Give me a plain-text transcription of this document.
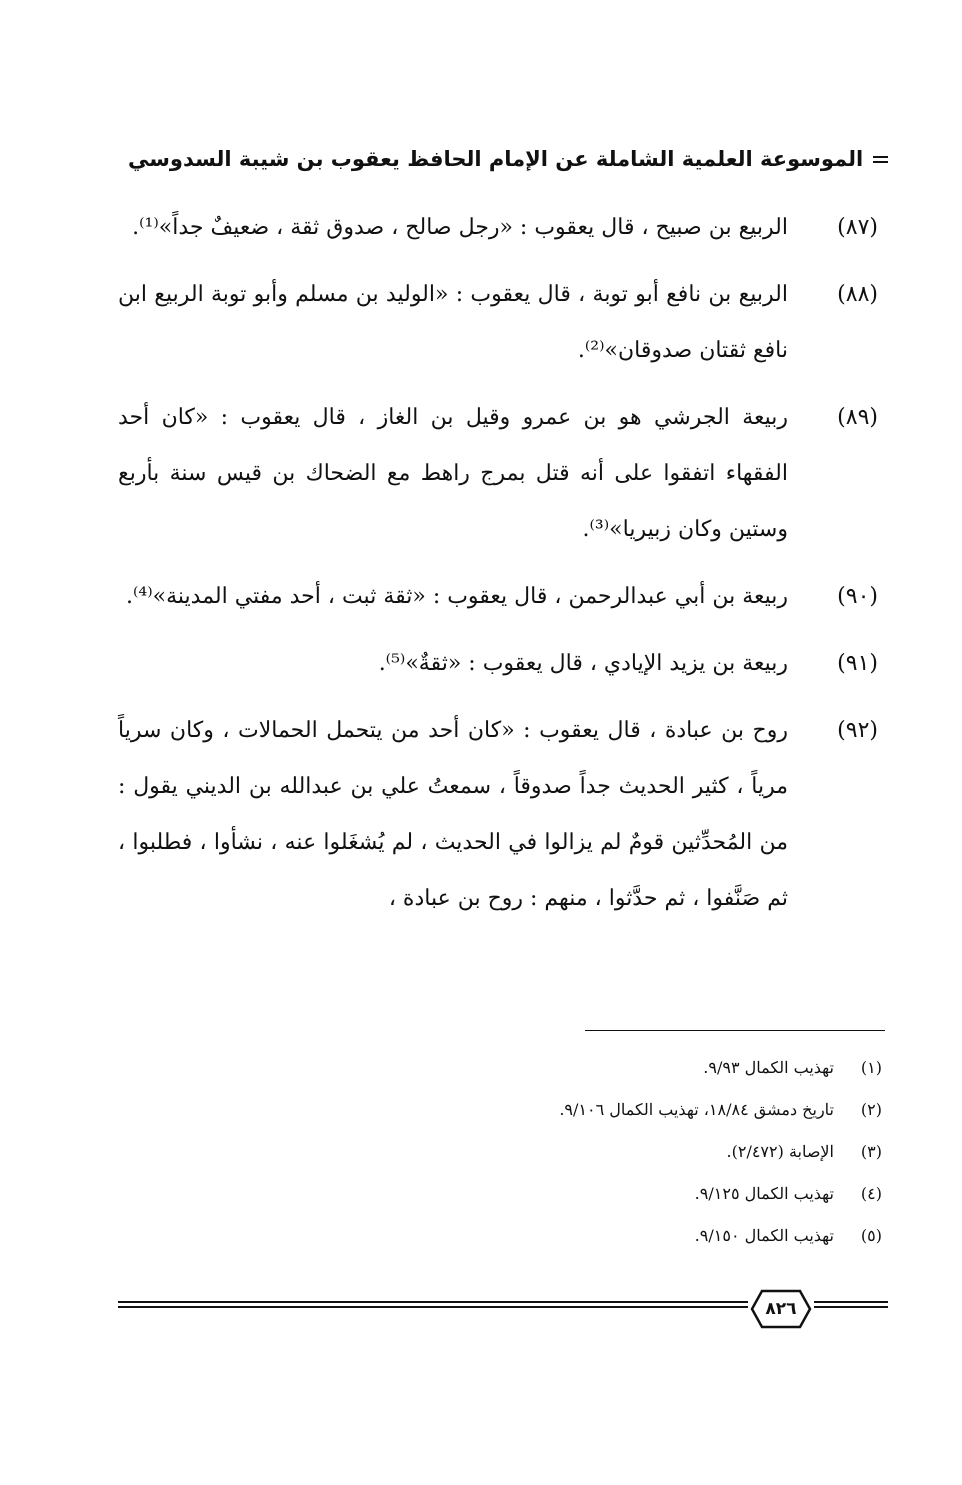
الموسوعة العلمية الشاملة عن الإمام الحافظ يعقوب بن شيبة السدوسي
(٨٧)
الربيع بن صبيح ، قال يعقوب : «رجل صالح ، صدوق ثقة ، ضعيفٌ جداً»⁽¹⁾.
(٨٨)
الربيع بن نافع أبو توبة ، قال يعقوب : «الوليد بن مسلم وأبو توبة الربيع ابن نافع ثقتان صدوقان»⁽²⁾.
(٨٩)
ربيعة الجرشي هو بن عمرو وقيل بن الغاز ، قال يعقوب : «كان أحد الفقهاء اتفقوا على أنه قتل بمرج راهط مع الضحاك بن قيس سنة بأربع وستين وكان زبيريا»⁽³⁾.
(٩٠)
ربيعة بن أبي عبدالرحمن ، قال يعقوب : «ثقة ثبت ، أحد مفتي المدينة»⁽⁴⁾.
(٩١)
ربيعة بن يزيد الإيادي ، قال يعقوب : «ثقةٌ»⁽⁵⁾.
(٩٢)
روح بن عبادة ، قال يعقوب : «كان أحد من يتحمل الحمالات ، وكان سرياً مرياً ، كثير الحديث جداً صدوقاً ، سمعتُ علي بن عبدالله بن الديني يقول : من المُحدِّثين قومٌ لم يزالوا في الحديث ، لم يُشغَلوا عنه ، نشأوا ، فطلبوا ، ثم صَنَّفوا ، ثم حدَّثوا ، منهم : روح بن عبادة ،
(١)
تهذيب الكمال ٩/٩٣.
(٢)
تاريخ دمشق ١٨/٨٤، تهذيب الكمال ٩/١٠٦.
(٣)
الإصابة (٢/٤٧٢).
(٤)
تهذيب الكمال ٩/١٢٥.
(٥)
تهذيب الكمال ٩/١٥٠.
٨٢٦
